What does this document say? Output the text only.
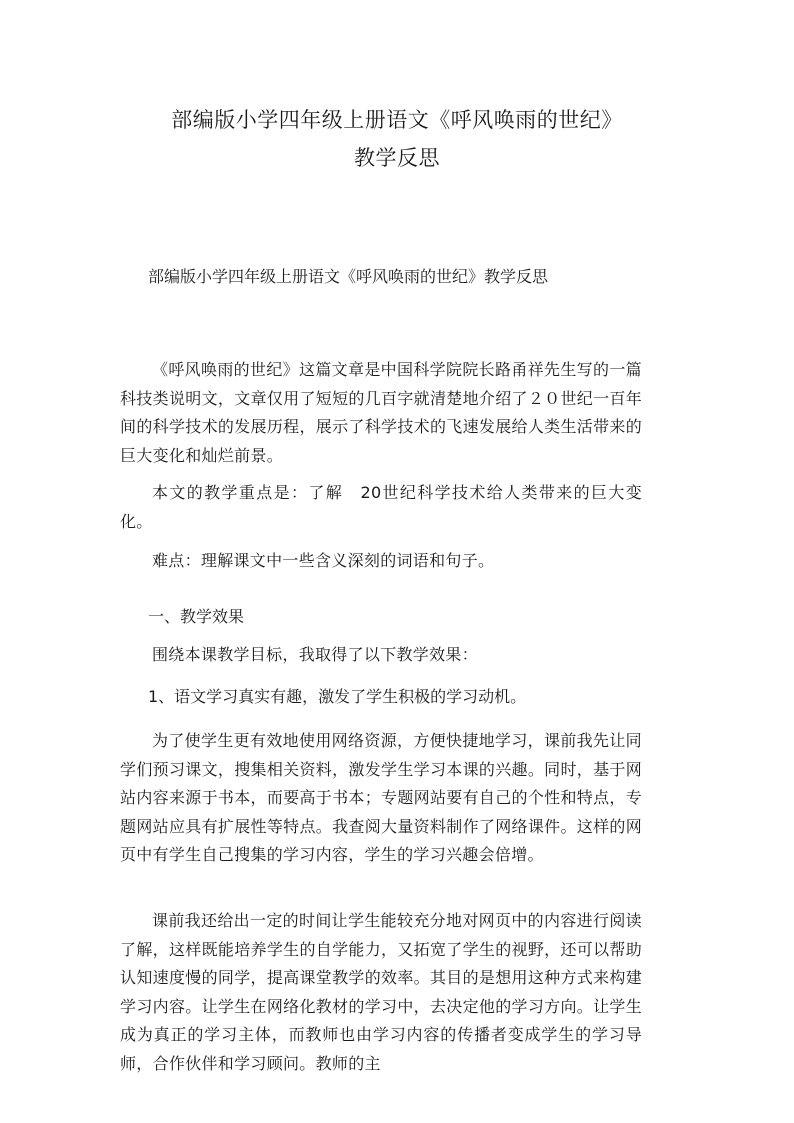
部编版小学四年级上册语文《呼风唤雨的世纪》
教学反思

部编版小学四年级上册语文《呼风唤雨的世纪》教学反思

《呼风唤雨的世纪》这篇文章是中国科学院院长路甬祥先生写的一篇科技类说明文，文章仅用了短短的几百字就清楚地介绍了２０世纪一百年间的科学技术的发展历程，展示了科学技术的飞速发展给人类生活带来的巨大变化和灿烂前景。

本文的教学重点是：了解　20世纪科学技术给人类带来的巨大变化。

难点：理解课文中一些含义深刻的词语和句子。

一、教学效果

围绕本课教学目标，我取得了以下教学效果：

1、语文学习真实有趣，激发了学生积极的学习动机。

为了使学生更有效地使用网络资源，方便快捷地学习，课前我先让同学们预习课文，搜集相关资料，激发学生学习本课的兴趣。同时，基于网站内容来源于书本，而要高于书本；专题网站要有自己的个性和特点，专题网站应具有扩展性等特点。我查阅大量资料制作了网络课件。这样的网页中有学生自己搜集的学习内容，学生的学习兴趣会倍增。

课前我还给出一定的时间让学生能较充分地对网页中的内容进行阅读了解，这样既能培养学生的自学能力，又拓宽了学生的视野，还可以帮助认知速度慢的同学，提高课堂教学的效率。其目的是想用这种方式来构建学习内容。让学生在网络化教材的学习中，去决定他的学习方向。让学生成为真正的学习主体，而教师也由学习内容的传播者变成学生的学习导师，合作伙伴和学习顾问。教师的主
